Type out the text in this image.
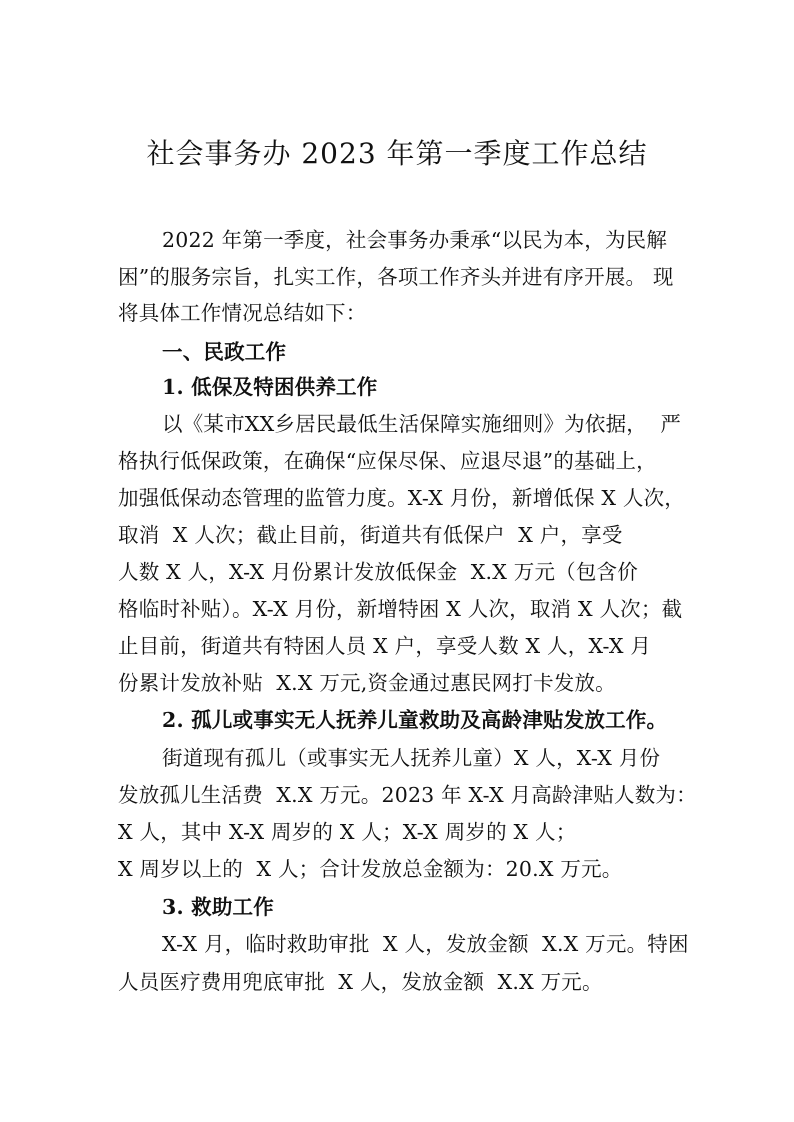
社会事务办 2023 年第一季度工作总结
2022 年第一季度，社会事务办秉承“以民为本，为民解
困”的服务宗旨，扎实工作，各项工作齐头并进有序开展。 现
将具体工作情况总结如下：
一、民政工作
1. 低保及特困供养工作
以《某市XX乡居民最低生活保障实施细则》为依据，  严
格执行低保政策，在确保“应保尽保、应退尽退”的基础上，
加强低保动态管理的监管力度。X-X 月份，新增低保 X 人次，
取消  X 人次；截止目前，街道共有低保户  X 户，享受
人数 X 人，X-X 月份累计发放低保金  X.X 万元（包含价
格临时补贴）。X-X 月份，新增特困 X 人次，取消 X 人次；截
止目前，街道共有特困人员 X 户，享受人数 X 人，X-X 月
份累计发放补贴  X.X 万元,资金通过惠民网打卡发放。
2. 孤儿或事实无人抚养儿童救助及高龄津贴发放工作。
街道现有孤儿（或事实无人抚养儿童）X 人，X-X 月份
发放孤儿生活费  X.X 万元。2023 年 X-X 月高龄津贴人数为：
X 人，其中 X-X 周岁的 X 人；X-X 周岁的 X 人；
X 周岁以上的  X 人；合计发放总金额为：20.X 万元。
3. 救助工作
X-X 月，临时救助审批  X 人，发放金额  X.X 万元。特困
人员医疗费用兜底审批  X 人，发放金额  X.X 万元。
